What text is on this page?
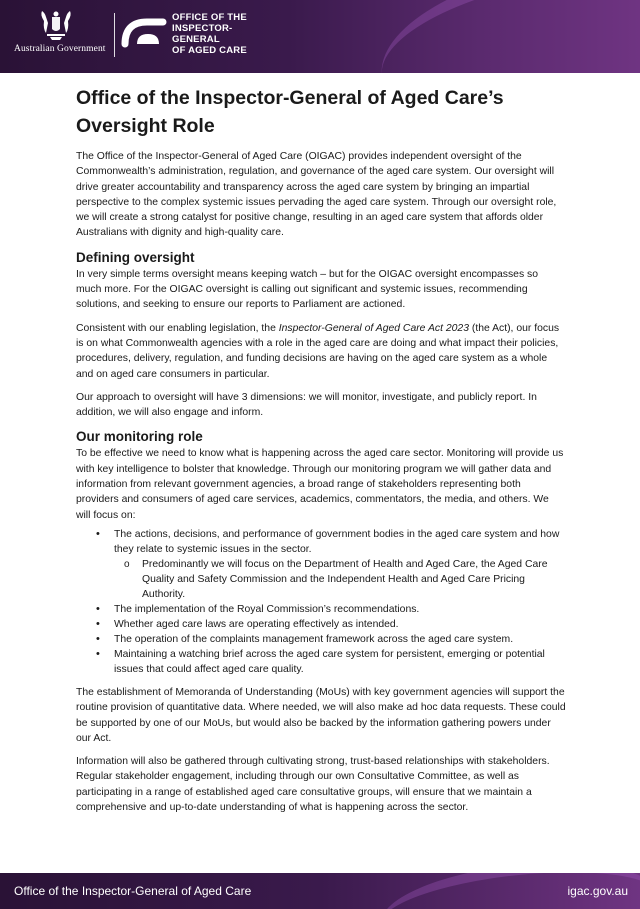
Australian Government
OFFICE OF THE
INSPECTOR-
GENERAL
OF AGED CARE
Office of the Inspector-General of Aged Care’s Oversight Role

The Office of the Inspector-General of Aged Care (OIGAC) provides independent oversight of the Commonwealth’s administration, regulation, and governance of the aged care system. Our oversight will drive greater accountability and transparency across the aged care system by bringing an impartial perspective to the complex systemic issues pervading the aged care system. Through our oversight role, we will create a strong catalyst for positive change, resulting in an aged care system that affords older Australians with dignity and high-quality care.

Defining oversight

In very simple terms oversight means keeping watch – but for the OIGAC oversight encompasses so much more. For the OIGAC oversight is calling out significant and systemic issues, recommending solutions, and seeking to ensure our reports to Parliament are actioned.

Consistent with our enabling legislation, the Inspector-General of Aged Care Act 2023 (the Act), our focus is on what Commonwealth agencies with a role in the aged care are doing and what impact their policies, procedures, delivery, regulation, and funding decisions are having on the aged care system as a whole and on aged care consumers in particular.

Our approach to oversight will have 3 dimensions: we will monitor, investigate, and publicly report. In addition, we will also engage and inform.

Our monitoring role

To be effective we need to know what is happening across the aged care sector. Monitoring will provide us with key intelligence to bolster that knowledge. Through our monitoring program we will gather data and information from relevant government agencies, a broad range of stakeholders representing both providers and consumers of aged care services, academics, commentators, the media, and others. We will focus on:

• The actions, decisions, and performance of government bodies in the aged care system and how they relate to systemic issues in the sector.
o Predominantly we will focus on the Department of Health and Aged Care, the Aged Care Quality and Safety Commission and the Independent Health and Aged Care Pricing Authority.
• The implementation of the Royal Commission’s recommendations.
• Whether aged care laws are operating effectively as intended.
• The operation of the complaints management framework across the aged care system.
• Maintaining a watching brief across the aged care system for persistent, emerging or potential issues that could affect aged care quality.

The establishment of Memoranda of Understanding (MoUs) with key government agencies will support the routine provision of quantitative data. Where needed, we will also make ad hoc data requests. These could be supported by one of our MoUs, but would also be backed by the information gathering powers under our Act.

Information will also be gathered through cultivating strong, trust-based relationships with stakeholders. Regular stakeholder engagement, including through our own Consultative Committee, as well as participating in a range of established aged care consultative groups, will ensure that we maintain a comprehensive and up-to-date understanding of what is happening across the sector.

Office of the Inspector-General of Aged Care	igac.gov.au
